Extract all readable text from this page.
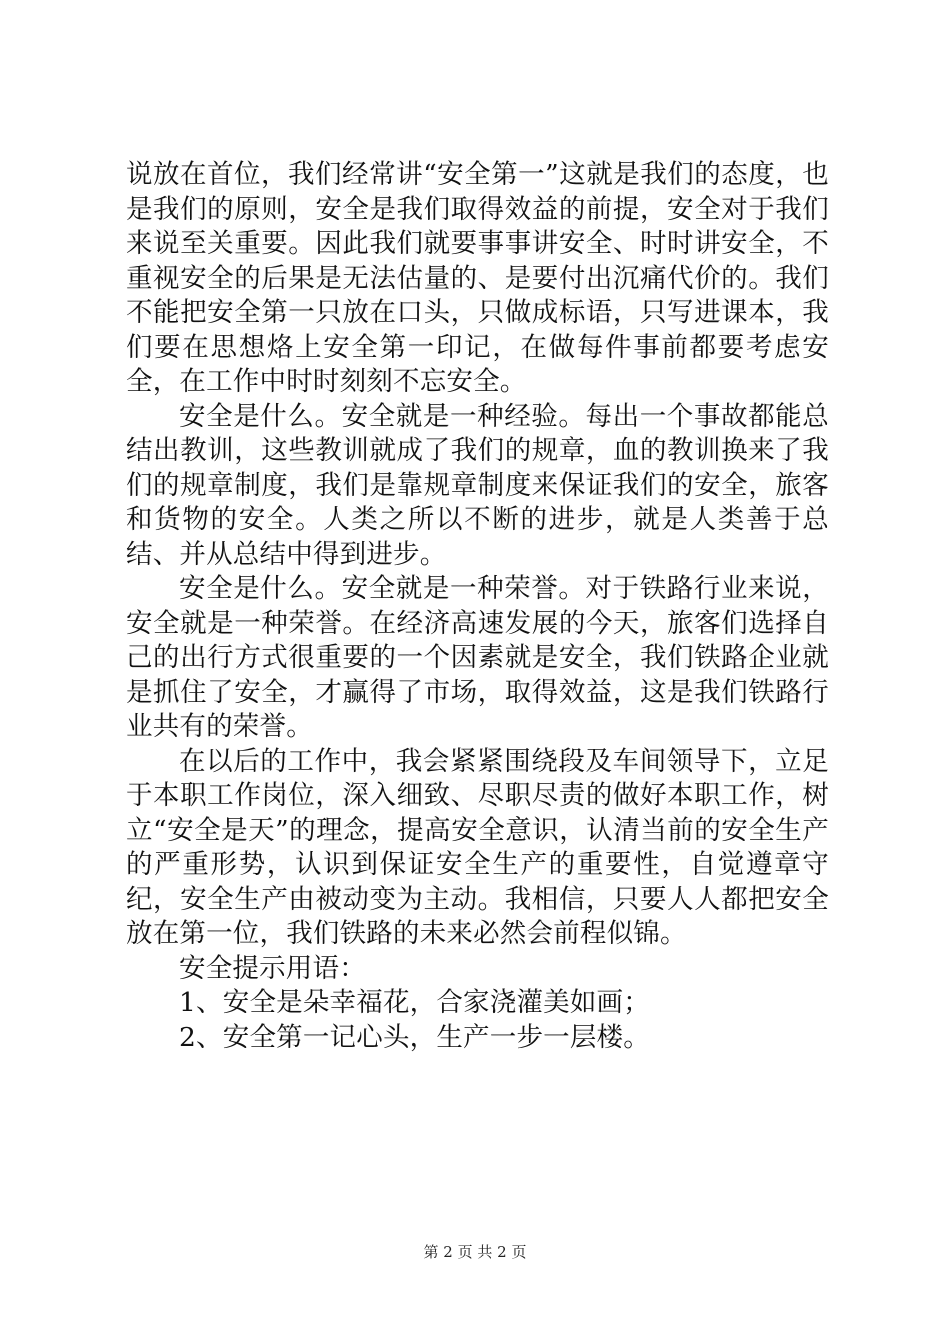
说放在首位，我们经常讲“安全第一”这就是我们的态度，也是我们的原则，安全是我们取得效益的前提，安全对于我们来说至关重要。因此我们就要事事讲安全、时时讲安全，不重视安全的后果是无法估量的、是要付出沉痛代价的。我们不能把安全第一只放在口头，只做成标语，只写进课本，我们要在思想烙上安全第一印记，在做每件事前都要考虑安全，在工作中时时刻刻不忘安全。

安全是什么。安全就是一种经验。每出一个事故都能总结出教训，这些教训就成了我们的规章，血的教训换来了我们的规章制度，我们是靠规章制度来保证我们的安全，旅客和货物的安全。人类之所以不断的进步，就是人类善于总结、并从总结中得到进步。

安全是什么。安全就是一种荣誉。对于铁路行业来说，安全就是一种荣誉。在经济高速发展的今天，旅客们选择自己的出行方式很重要的一个因素就是安全，我们铁路企业就是抓住了安全，才赢得了市场，取得效益，这是我们铁路行业共有的荣誉。

在以后的工作中，我会紧紧围绕段及车间领导下，立足于本职工作岗位，深入细致、尽职尽责的做好本职工作，树立“安全是天”的理念，提高安全意识，认清当前的安全生产的严重形势，认识到保证安全生产的重要性，自觉遵章守纪，安全生产由被动变为主动。我相信，只要人人都把安全放在第一位，我们铁路的未来必然会前程似锦。

安全提示用语：

1、安全是朵幸福花，合家浇灌美如画；

2、安全第一记心头，生产一步一层楼。

第 2 页 共 2 页
